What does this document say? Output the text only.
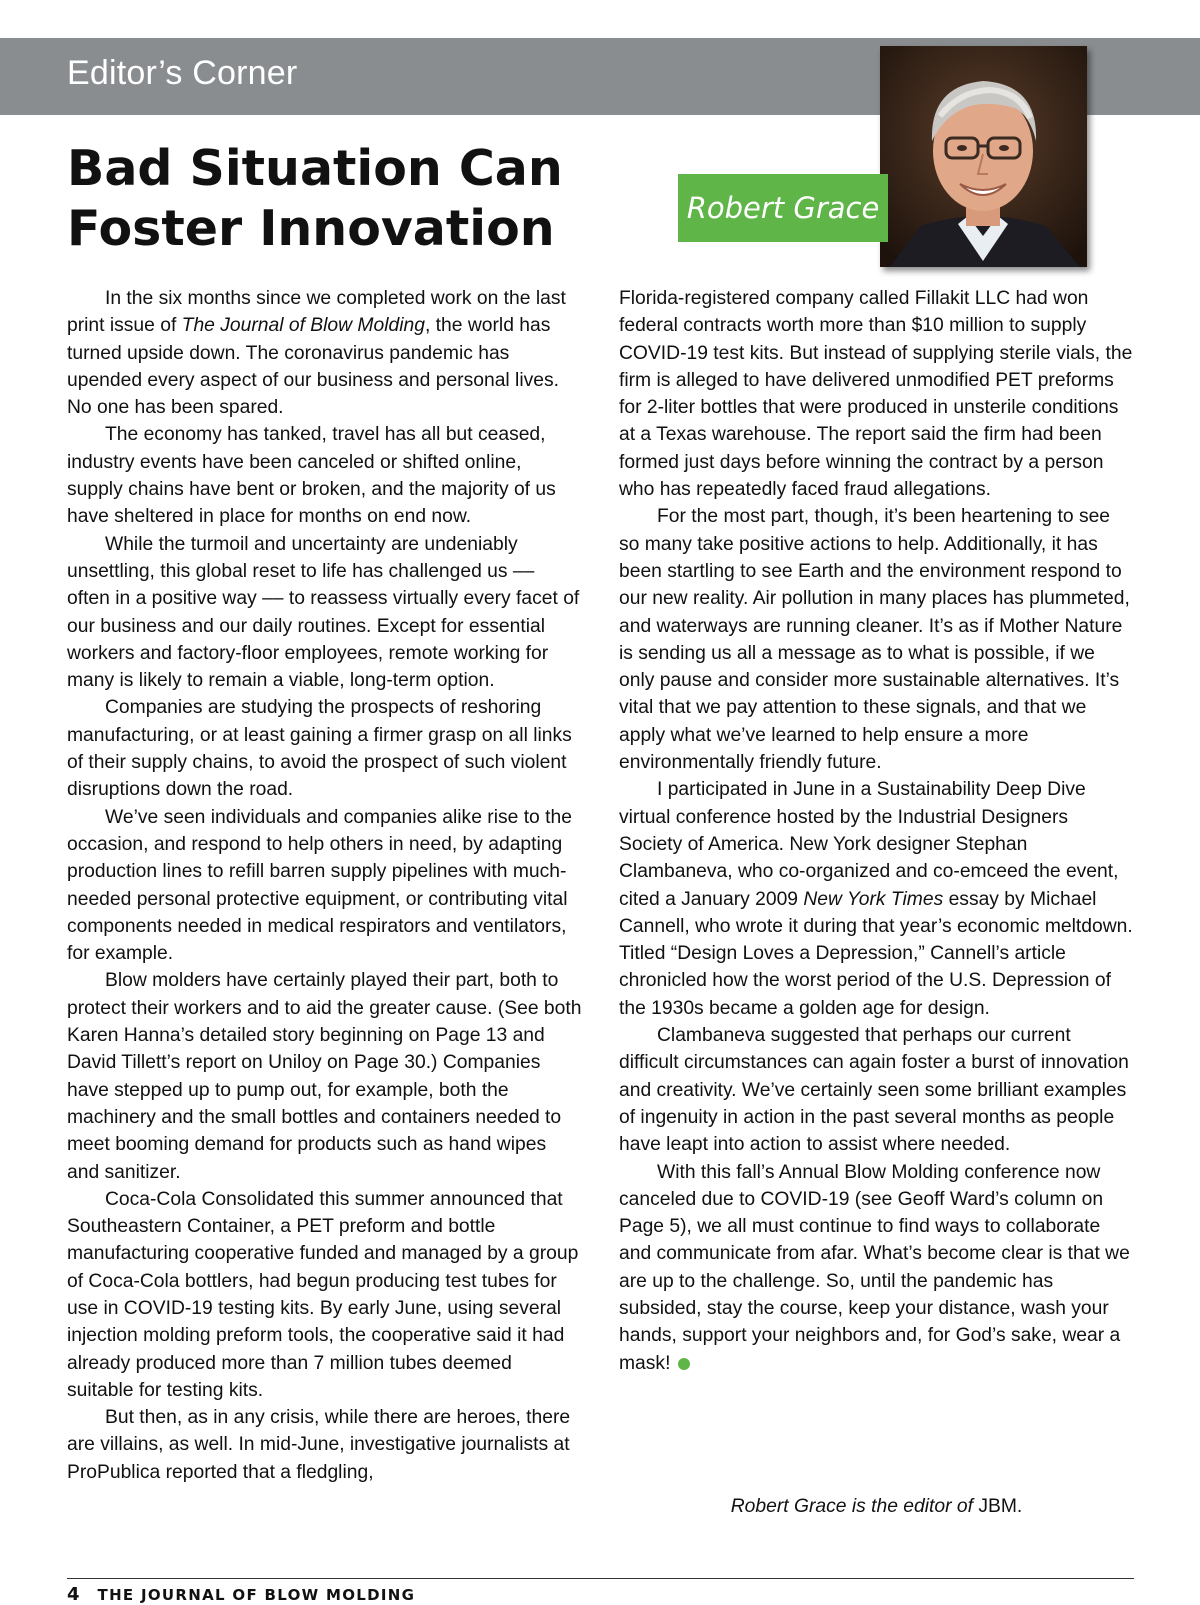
Editor’s Corner
Bad Situation Can
Foster Innovation	Robert Grace

In the six months since we completed work on the last print issue of The Journal of Blow Molding, the world has turned upside down. The coronavirus pandemic has upended every aspect of our business and personal lives. No one has been spared.

The economy has tanked, travel has all but ceased, industry events have been canceled or shifted online, supply chains have bent or broken, and the majority of us have sheltered in place for months on end now.

While the turmoil and uncertainty are undeniably unsettling, this global reset to life has challenged us –– often in a positive way –– to reassess virtually every facet of our business and our daily routines. Except for essential workers and factory-floor employees, remote working for many is likely to remain a viable, long-term option.

Companies are studying the prospects of reshoring manufacturing, or at least gaining a firmer grasp on all links of their supply chains, to avoid the prospect of such violent disruptions down the road.

We’ve seen individuals and companies alike rise to the occasion, and respond to help others in need, by adapting production lines to refill barren supply pipelines with much-needed personal protective equipment, or contributing vital components needed in medical respirators and ventilators, for example.

Blow molders have certainly played their part, both to protect their workers and to aid the greater cause. (See both Karen Hanna’s detailed story beginning on Page 13 and David Tillett’s report on Uniloy on Page 30.) Companies have stepped up to pump out, for example, both the machinery and the small bottles and containers needed to meet booming demand for products such as hand wipes and sanitizer.

Coca-Cola Consolidated this summer announced that Southeastern Container, a PET preform and bottle manufacturing cooperative funded and managed by a group of Coca-Cola bottlers, had begun producing test tubes for use in COVID-19 testing kits. By early June, using several injection molding preform tools, the cooperative said it had already produced more than 7 million tubes deemed suitable for testing kits.

But then, as in any crisis, while there are heroes, there are villains, as well. In mid-June, investigative journalists at ProPublica reported that a fledgling,

Florida-registered company called Fillakit LLC had won federal contracts worth more than $10 million to supply COVID-19 test kits. But instead of supplying sterile vials, the firm is alleged to have delivered unmodified PET preforms for 2-liter bottles that were produced in unsterile conditions at a Texas warehouse. The report said the firm had been formed just days before winning the contract by a person who has repeatedly faced fraud allegations.

For the most part, though, it’s been heartening to see so many take positive actions to help. Additionally, it has been startling to see Earth and the environment respond to our new reality. Air pollution in many places has plummeted, and waterways are running cleaner. It’s as if Mother Nature is sending us all a message as to what is possible, if we only pause and consider more sustainable alternatives. It’s vital that we pay attention to these signals, and that we apply what we’ve learned to help ensure a more environmentally friendly future.

I participated in June in a Sustainability Deep Dive virtual conference hosted by the Industrial Designers Society of America. New York designer Stephan Clambaneva, who co-organized and co-emceed the event, cited a January 2009 New York Times essay by Michael Cannell, who wrote it during that year’s economic meltdown. Titled “Design Loves a Depression,” Cannell’s article chronicled how the worst period of the U.S. Depression of the 1930s became a golden age for design.

Clambaneva suggested that perhaps our current difficult circumstances can again foster a burst of innovation and creativity. We’ve certainly seen some brilliant examples of ingenuity in action in the past several months as people have leapt into action to assist where needed.

With this fall’s Annual Blow Molding conference now canceled due to COVID-19 (see Geoff Ward’s column on Page 5), we all must continue to find ways to collaborate and communicate from afar. What’s become clear is that we are up to the challenge. So, until the pandemic has subsided, stay the course, keep your distance, wash your hands, support your neighbors and, for God’s sake, wear a mask!

Robert Grace is the editor of JBM.
4 THE JOURNAL OF BLOW MOLDING
